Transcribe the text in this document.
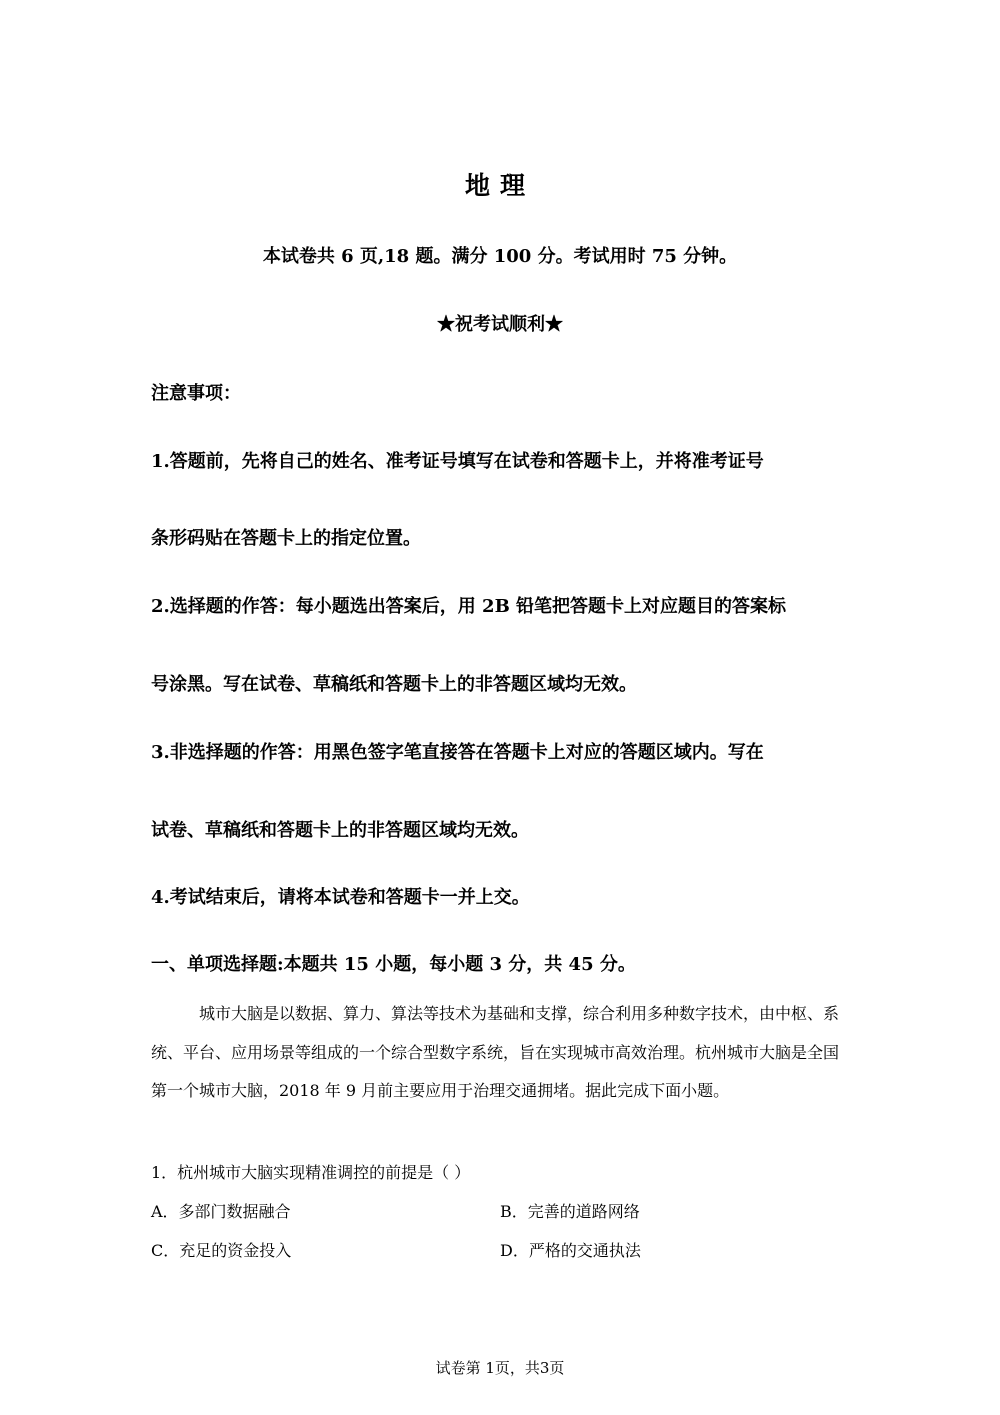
地理
本试卷共 6 页,18 题。满分 100 分。考试用时 75 分钟。
★祝考试顺利★
注意事项：
1.答题前，先将自己的姓名、准考证号填写在试卷和答题卡上，并将准考证号
条形码贴在答题卡上的指定位置。
2.选择题的作答：每小题选出答案后，用 2B 铅笔把答题卡上对应题目的答案标
号涂黑。写在试卷、草稿纸和答题卡上的非答题区域均无效。
3.非选择题的作答：用黑色签字笔直接答在答题卡上对应的答题区域内。写在
试卷、草稿纸和答题卡上的非答题区域均无效。
4.考试结束后，请将本试卷和答题卡一并上交。
一、单项选择题:本题共 15 小题，每小题 3 分，共 45 分。
城市大脑是以数据、算力、算法等技术为基础和支撑，综合利用多种数字技术，由中枢、系统、平台、应用场景等组成的一个综合型数字系统，旨在实现城市高效治理。杭州城市大脑是全国第一个城市大脑，2018 年 9 月前主要应用于治理交通拥堵。据此完成下面小题。
1．杭州城市大脑实现精准调控的前提是（ ）
A．多部门数据融合	B．完善的道路网络
C．充足的资金投入	D．严格的交通执法
试卷第 1页，共3页
